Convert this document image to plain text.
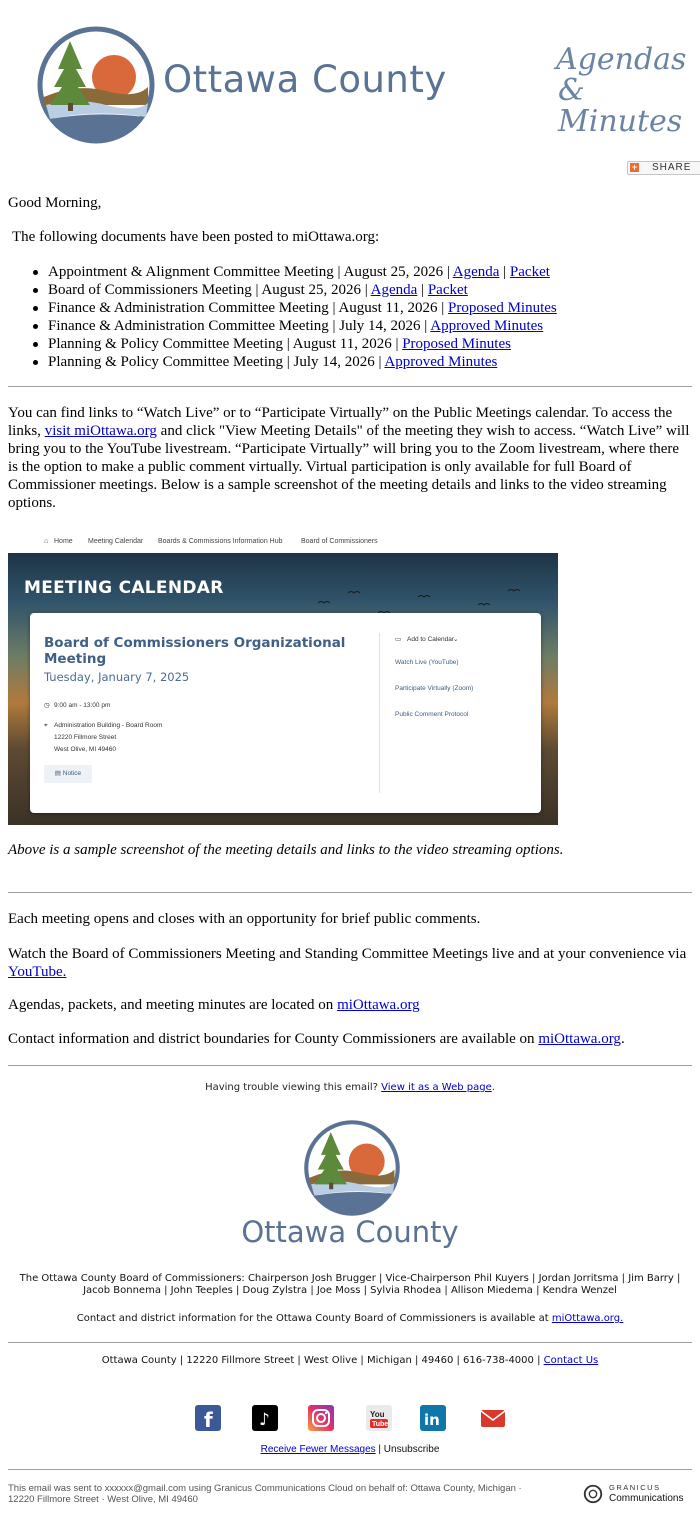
Ottawa County	Agendas
& Minutes
+ SHARE

Good Morning,

The following documents have been posted to miOttawa.org:

Appointment & Alignment Committee Meeting | August 25, 2026 | Agenda | Packet
Board of Commissioners Meeting | August 25, 2026 | Agenda | Packet
Finance & Administration Committee Meeting | August 11, 2026 | Proposed Minutes
Finance & Administration Committee Meeting | July 14, 2026 | Approved Minutes
Planning & Policy Committee Meeting | August 11, 2026 | Proposed Minutes
Planning & Policy Committee Meeting | July 14, 2026 | Approved Minutes

You can find links to “Watch Live” or to “Participate Virtually” on the Public Meetings calendar. To access the links, visit miOttawa.org and click "View Meeting Details" of the meeting they wish to access. “Watch Live” will bring you to the YouTube livestream. “Participate Virtually” will bring you to the Zoom livestream, where there is the option to make a public comment virtually. Virtual participation is only available for full Board of Commissioner meetings. Below is a sample screenshot of the meeting details and links to the video streaming options.

⌂ Home Meeting Calendar Boards & Commissions Information Hub	Board of Commissioners
MEETING CALENDAR
Board of Commissioners Organizational Meeting
Tuesday, January 7, 2025
◷ 9:00 am - 13:00 pm
⌖ Administration Building - Board Room
12220 Fillmore Street
West Olive, MI 49460
▤ Notice
▭ Add to Calendar ⌄
Watch Live (YouTube)
Participate Virtually (Zoom)
Public Comment Protocol

Above is a sample screenshot of the meeting details and links to the video streaming options.

Each meeting opens and closes with an opportunity for brief public comments.

Watch the Board of Commissioners Meeting and Standing Committee Meetings live and at your convenience via YouTube.

Agendas, packets, and meeting minutes are located on miOttawa.org

Contact information and district boundaries for County Commissioners are available on miOttawa.org.

Having trouble viewing this email? View it as a Web page.
Ottawa County
The Ottawa County Board of Commissioners: Chairperson Josh Brugger | Vice-Chairperson Phil Kuyers | Jordan Jorritsma | Jim Barry |
Jacob Bonnema | John Teeples | Doug Zylstra | Joe Moss | Sylvia Rhodea | Allison Miedema | Kendra Wenzel
Contact and district information for the Ottawa County Board of Commissioners is available at miOttawa.org.
Ottawa County | 12220 Fillmore Street | West Olive | Michigan | 49460 | 616-738-4000 | Contact Us
f	♪	You
Tube in
Receive Fewer Messages | Unsubscribe
This email was sent to xxxxxx@gmail.com using Granicus Communications Cloud on behalf of: Ottawa County, Michigan ·
12220 Fillmore Street · West Olive, MI 49460
GRANICUS
Communications
